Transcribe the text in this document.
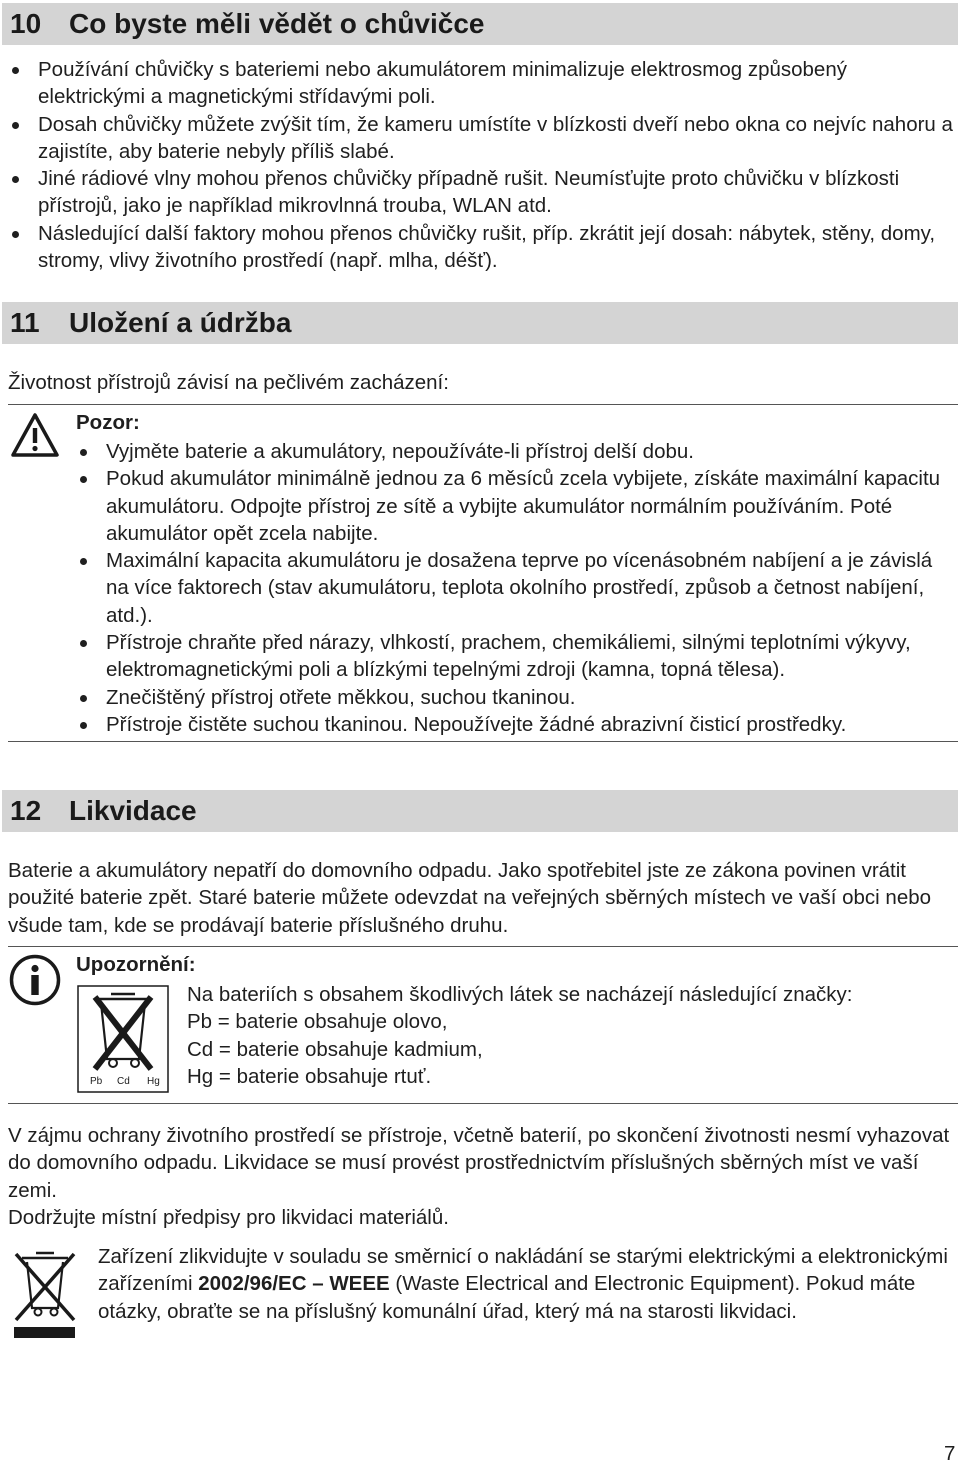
10 Co byste měli vědět o chůvičce
Používání chůvičky s bateriemi nebo akumulátorem minimalizuje elektrosmog způsobený elektrickými a magnetickými střídavými poli.
Dosah chůvičky můžete zvýšit tím, že kameru umístíte v blízkosti dveří nebo okna co nejvíc nahoru a zajistíte, aby baterie nebyly příliš slabé.
Jiné rádiové vlny mohou přenos chůvičky případně rušit. Neumísťujte proto chůvičku v blízkosti přístrojů, jako je například mikrovlnná trouba, WLAN atd.
Následující další faktory mohou přenos chůvičky rušit, příp. zkrátit její dosah: nábytek, stěny, domy, stromy, vlivy životního prostředí (např. mlha, déšť).
11 Uložení a údržba

Životnost přístrojů závisí na pečlivém zacházení:

Pozor:
Vyjměte baterie a akumulátory, nepoužíváte-li přístroj delší dobu.
Pokud akumulátor minimálně jednou za 6 měsíců zcela vybijete, získáte maximální kapacitu akumulátoru. Odpojte přístroj ze sítě a vybijte akumulátor normálním používáním. Poté akumulátor opět zcela nabijte.
Maximální kapacita akumulátoru je dosažena teprve po vícenásobném nabíjení a je závislá na více faktorech (stav akumulátoru, teplota okolního prostředí, způsob a četnost nabíjení, atd.).
Přístroje chraňte před nárazy, vlhkostí, prachem, chemikáliemi, silnými teplotními výkyvy, elektromagnetickými poli a blízkými tepelnými zdroji (kamna, topná tělesa).
Znečištěný přístroj otřete měkkou, suchou tkaninou.
Přístroje čistěte suchou tkaninou. Nepoužívejte žádné abrazivní čisticí prostředky.
12 Likvidace

Baterie a akumulátory nepatří do domovního odpadu. Jako spotřebitel jste ze zákona povinen vrátit použité baterie zpět. Staré baterie můžete odevzdat na veřejných sběrných místech ve vaší obci nebo všude tam, kde se prodávají baterie příslušného druhu.

Upozornění:
Pb Cd Hg

Na bateriích s obsahem škodlivých látek se nacházejí následující značky:

Pb = baterie obsahuje olovo,

Cd = baterie obsahuje kadmium,

Hg = baterie obsahuje rtuť.

V zájmu ochrany životního prostředí se přístroje, včetně baterií, po skončení životnosti nesmí vyhazovat do domovního odpadu. Likvidace se musí provést prostřednictvím příslušných sběrných míst ve vaší zemi.

Dodržujte místní předpisy pro likvidaci materiálů.

Zařízení zlikvidujte v souladu se směrnicí o nakládání se starými elektrickými a elektronickými zařízeními 2002/96/EC – WEEE (Waste Electrical and Electronic Equipment). Pokud máte otázky, obraťte se na příslušný komunální úřad, který má na starosti likvidaci.

7
